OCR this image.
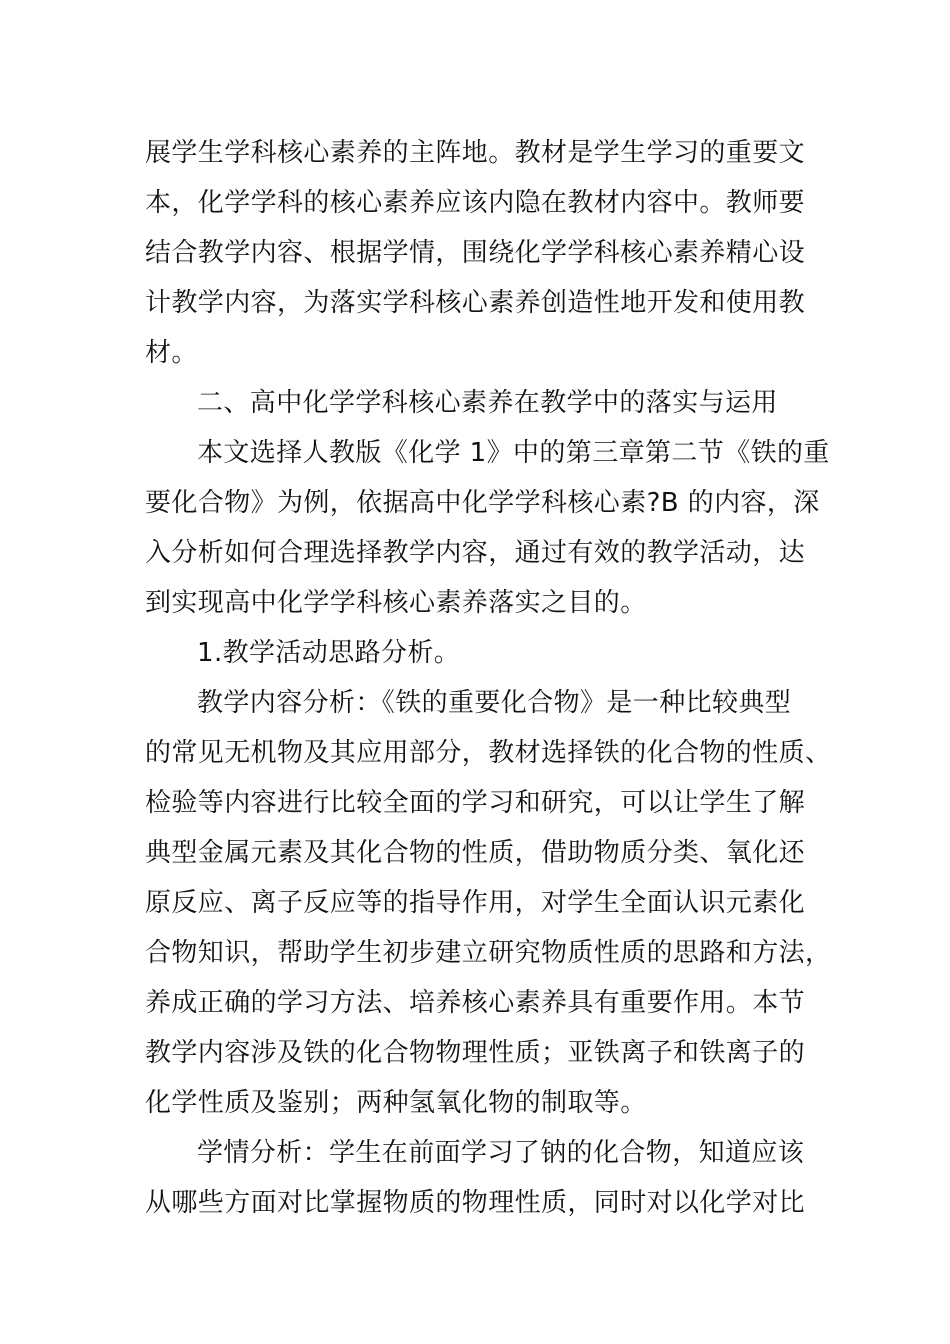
展学生学科核心素养的主阵地。教材是学生学习的重要文
本，化学学科的核心素养应该内隐在教材内容中。教师要
结合教学内容、根据学情，围绕化学学科核心素养精心设
计教学内容，为落实学科核心素养创造性地开发和使用教
材。
二、高中化学学科核心素养在教学中的落实与运用
本文选择人教版《化学 1》中的第三章第二节《铁的重
要化合物》为例，依据高中化学学科核心素?B 的内容，深
入分析如何合理选择教学内容，通过有效的教学活动，达
到实现高中化学学科核心素养落实之目的。
1.教学活动思路分析。
教学内容分析：《铁的重要化合物》是一种比较典型
的常见无机物及其应用部分，教材选择铁的化合物的性质、
检验等内容进行比较全面的学习和研究，可以让学生了解
典型金属元素及其化合物的性质，借助物质分类、氧化还
原反应、离子反应等的指导作用，对学生全面认识元素化
合物知识，帮助学生初步建立研究物质性质的思路和方法，
养成正确的学习方法、培养核心素养具有重要作用。本节
教学内容涉及铁的化合物物理性质；亚铁离子和铁离子的
化学性质及鉴别；两种氢氧化物的制取等。
学情分析：学生在前面学习了钠的化合物，知道应该
从哪些方面对比掌握物质的物理性质，同时对以化学对比
